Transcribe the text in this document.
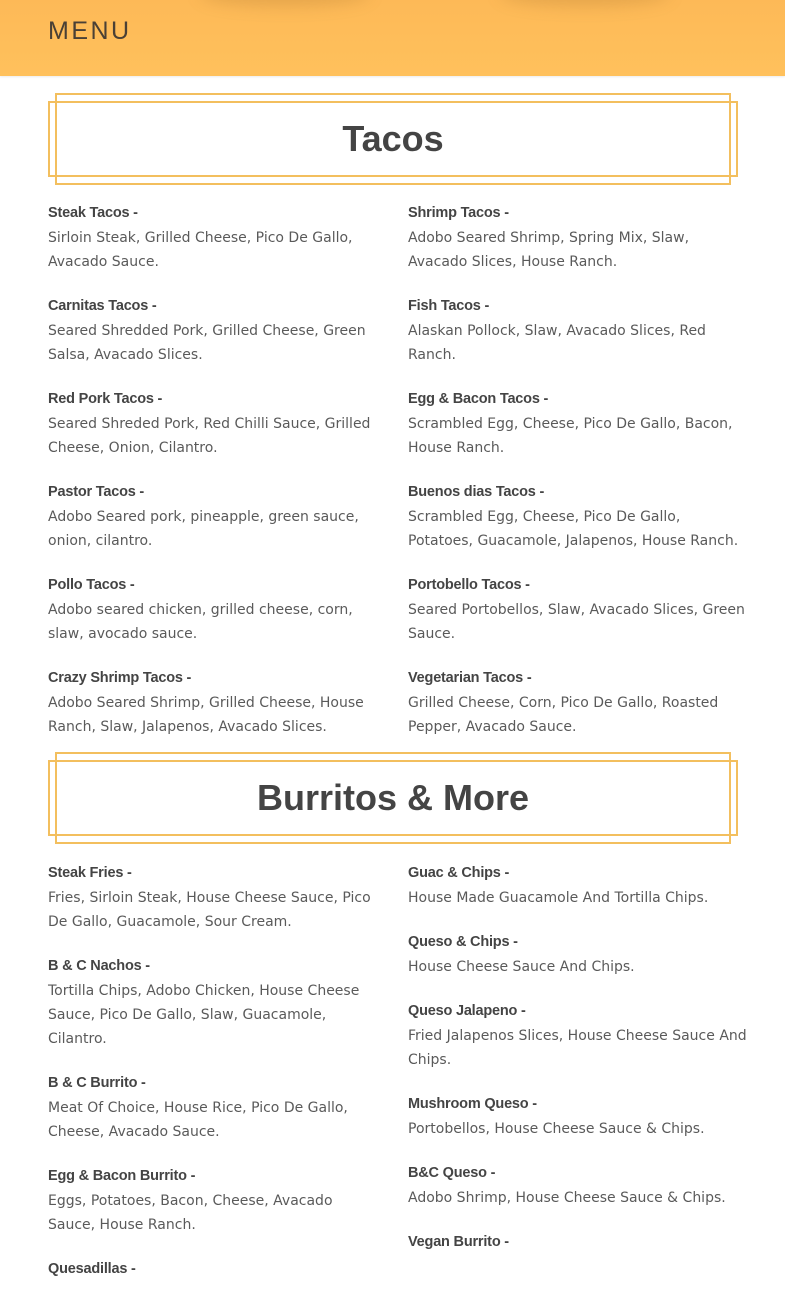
MENU
Tacos
Steak Tacos -
Sirloin Steak, Grilled Cheese, Pico De Gallo, Avacado Sauce.
Carnitas Tacos -
Seared Shredded Pork, Grilled Cheese, Green Salsa, Avacado Slices.
Red Pork Tacos -
Seared Shreded Pork, Red Chilli Sauce, Grilled Cheese, Onion, Cilantro.
Pastor Tacos -
Adobo Seared pork, pineapple, green sauce, onion, cilantro.
Pollo Tacos -
Adobo seared chicken, grilled cheese, corn, slaw, avocado sauce.
Crazy Shrimp Tacos -
Adobo Seared Shrimp, Grilled Cheese, House Ranch, Slaw, Jalapenos, Avacado Slices.
Shrimp Tacos -
Adobo Seared Shrimp, Spring Mix, Slaw, Avacado Slices, House Ranch.
Fish Tacos -
Alaskan Pollock, Slaw, Avacado Slices, Red Ranch.
Egg & Bacon Tacos -
Scrambled Egg, Cheese, Pico De Gallo, Bacon, House Ranch.
Buenos dias Tacos -
Scrambled Egg, Cheese, Pico De Gallo, Potatoes, Guacamole, Jalapenos, House Ranch.
Portobello Tacos -
Seared Portobellos, Slaw, Avacado Slices, Green Sauce.
Vegetarian Tacos -
Grilled Cheese, Corn, Pico De Gallo, Roasted Pepper, Avacado Sauce.
Burritos & More
Steak Fries -
Fries, Sirloin Steak, House Cheese Sauce, Pico De Gallo, Guacamole, Sour Cream.
B & C Nachos -
Tortilla Chips, Adobo Chicken, House Cheese Sauce, Pico De Gallo, Slaw, Guacamole, Cilantro.
B & C Burrito -
Meat Of Choice, House Rice, Pico De Gallo, Cheese, Avacado Sauce.
Egg & Bacon Burrito -
Eggs, Potatoes, Bacon, Cheese, Avacado Sauce, House Ranch.
Quesadillas -
Guac & Chips -
House Made Guacamole And Tortilla Chips.
Queso & Chips -
House Cheese Sauce And Chips.
Queso Jalapeno -
Fried Jalapenos Slices, House Cheese Sauce And Chips.
Mushroom Queso -
Portobellos, House Cheese Sauce & Chips.
B&C Queso -
Adobo Shrimp, House Cheese Sauce & Chips.
Vegan Burrito -
